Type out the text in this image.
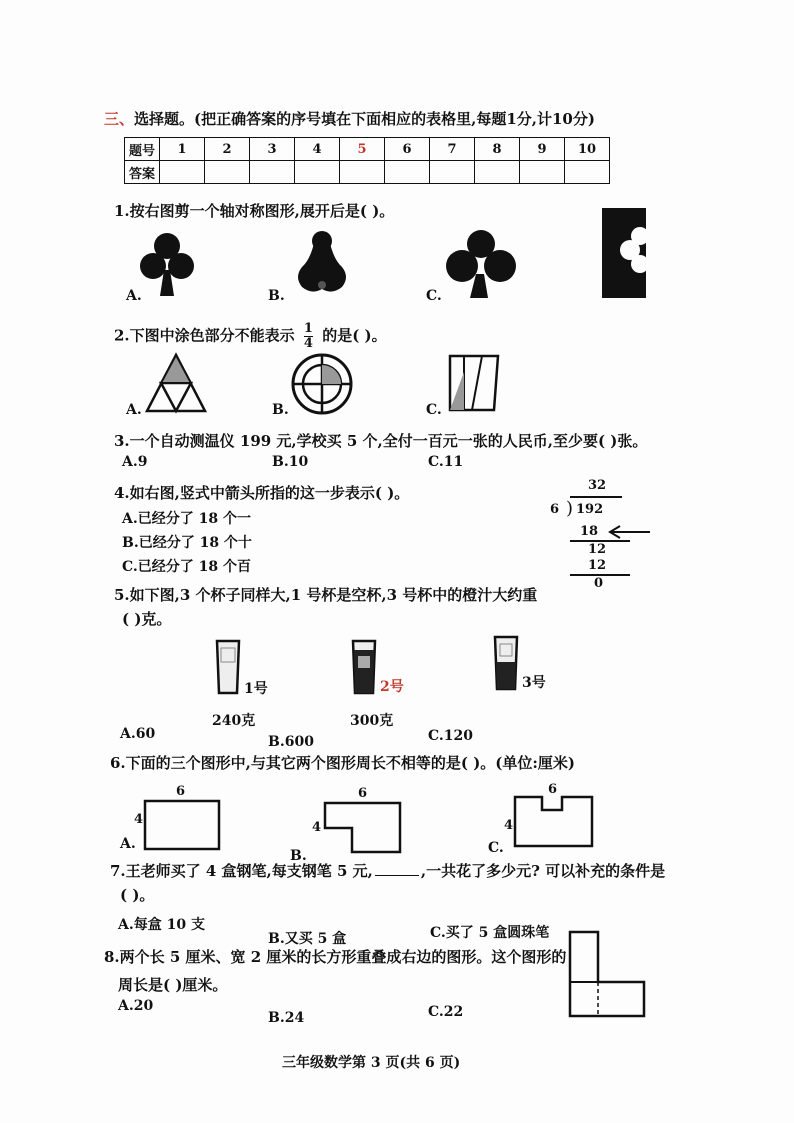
三、选择题。(把正确答案的序号填在下面相应的表格里,每题1分,计10分)
题号	1	2	3	4	5	6	7	8	9	10
答案										
1.按右图剪一个轴对称图形,展开后是( )。
A.	B.	C.
2.下图中涂色部分不能表示 $\frac{1}{4}$ 的是( )。
A.	B.	C.
3.一个自动测温仪 199 元,学校买 5 个,全付一百元一张的人民币,至少要( )张。
A.9	B.10	C.11
4.如右图,竖式中箭头所指的这一步表示( )。
A.已经分了 18 个一
B.已经分了 18 个十
C.已经分了 18 个百
32
6 ) 192
18
12
12
0
5.如下图,3 个杯子同样大,1 号杯是空杯,3 号杯中的橙汁大约重
( )克。
1号
240克
2号
300克
3号
A.60	B.600	C.120
6.下面的三个图形中,与其它两个图形周长不相等的是( )。(单位:厘米)
6
4
A.
6
4
B.
6
4
C.
7.王老师买了 4 盒钢笔,每支钢笔 5 元,	,一共花了多少元? 可以补充的条件是
( )。
A.每盒 10 支
B.又买 5 盒	C.买了 5 盒圆珠笔
8.两个长 5 厘米、宽 2 厘米的长方形重叠成右边的图形。这个图形的
周长是( )厘米。
A.20
B.24	C.22
三年级数学第 3 页(共 6 页)
